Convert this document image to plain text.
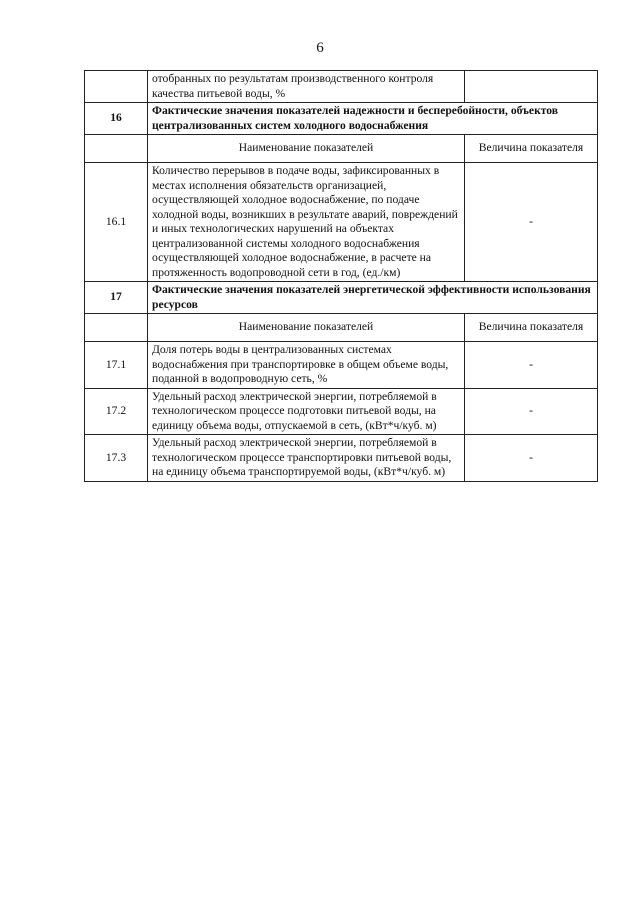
6
	отобранных по результатам производственного контроля качества питьевой воды, %	
16	Фактические значения показателей надежности и бесперебойности, объектов централизованных систем холодного водоснабжения	
	Наименование показателей	Величина показателя
16.1	Количество перерывов в подаче воды, зафиксированных в местах исполнения обязательств организацией, осуществляющей холодное водоснабжение, по подаче холодной воды, возникших в результате аварий, повреждений и иных технологических нарушений на объектах централизованной системы холодного водоснабжения осуществляющей холодное водоснабжение, в расчете на протяженность водопроводной сети в год, (ед./км)	-
17	Фактические значения показателей энергетической эффективности использования ресурсов	
	Наименование показателей	Величина показателя
17.1	Доля потерь воды в централизованных системах водоснабжения при транспортировке в общем объеме воды, поданной в водопроводную сеть, %	-
17.2	Удельный расход электрической энергии, потребляемой в технологическом процессе подготовки питьевой воды, на единицу объема воды, отпускаемой в сеть, (кВт*ч/куб. м)	-
17.3	Удельный расход электрической энергии, потребляемой в технологическом процессе транспортировки питьевой воды, на единицу объема транспортируемой воды, (кВт*ч/куб. м)	-
